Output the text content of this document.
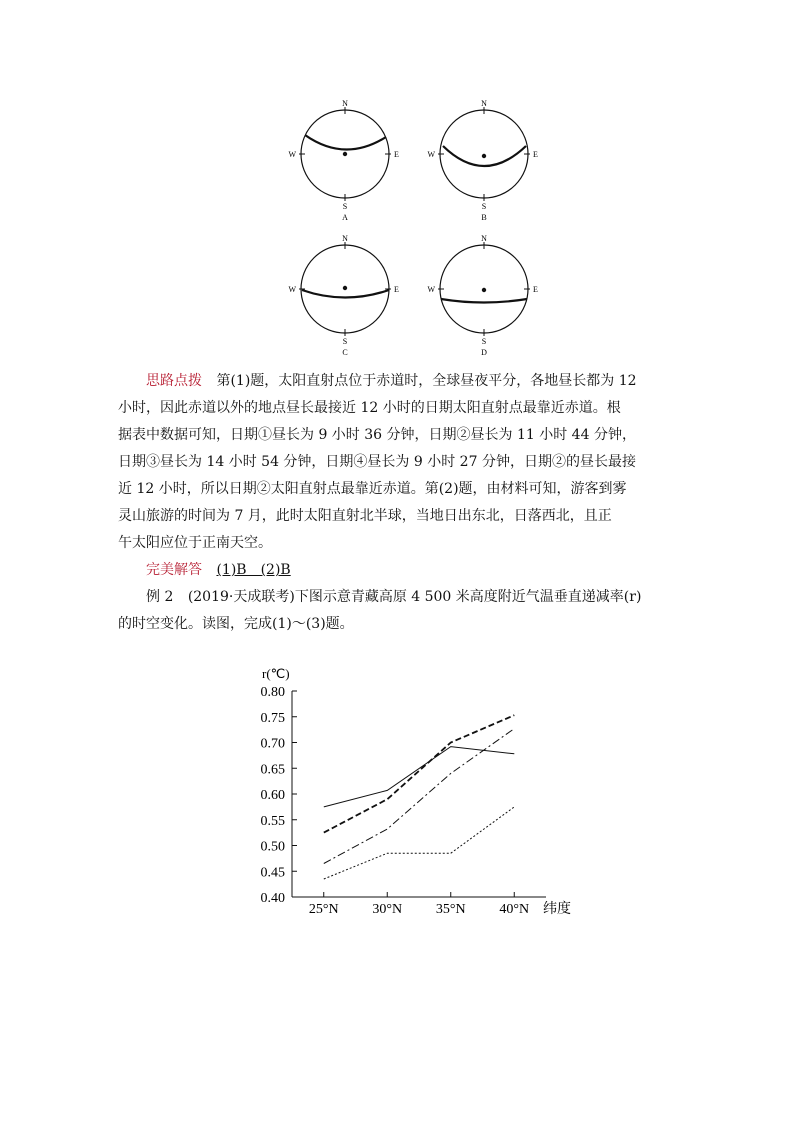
N
S
W	E
A
N
S
W	E
B
N
S
W	E
C
N
S
W	E
D
思路点拨 第(1)题，太阳直射点位于赤道时，全球昼夜平分，各地昼长都为 12
小时，因此赤道以外的地点昼长最接近 12 小时的日期太阳直射点最靠近赤道。根
据表中数据可知，日期①昼长为 9 小时 36 分钟，日期②昼长为 11 小时 44 分钟，
日期③昼长为 14 小时 54 分钟，日期④昼长为 9 小时 27 分钟，日期②的昼长最接
近 12 小时，所以日期②太阳直射点最靠近赤道。第(2)题，由材料可知，游客到雾
灵山旅游的时间为 7 月，此时太阳直射北半球，当地日出东北，日落西北，且正
午太阳应位于正南天空。
完美解答 (1)B　(2)B
例 2 (2019·天成联考)下图示意青藏高原 4 500 米高度附近气温垂直递减率(r)
的时空变化。读图，完成(1)～(3)题。
0.80
0.75
0.70
0.65
0.60
0.55
0.50
0.45
0.40
25°N 30°N 35°N 40°N
r(℃)
纬度
